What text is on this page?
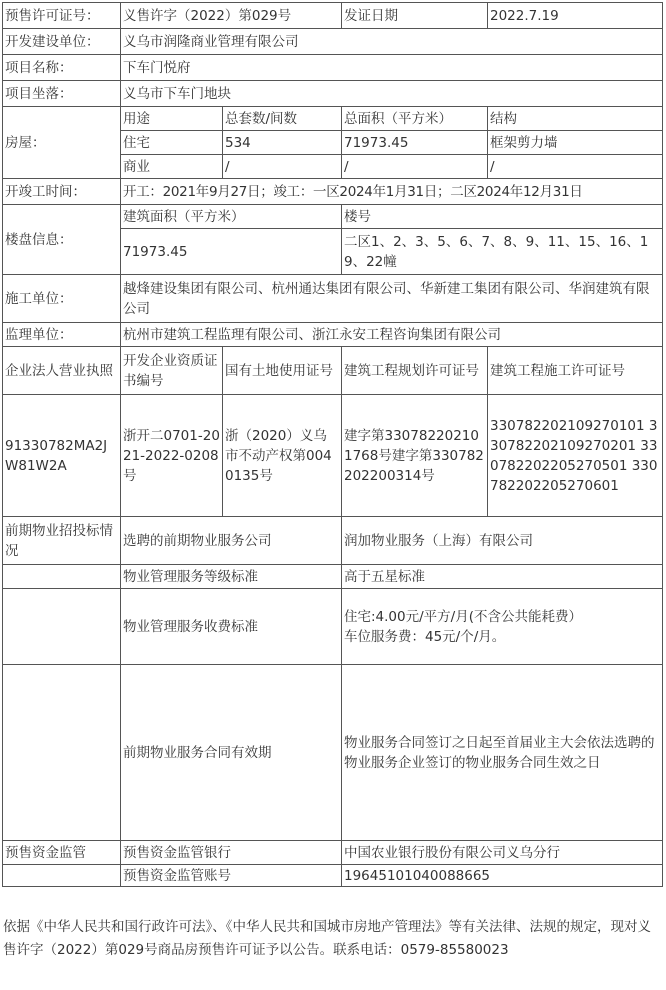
预售许可证号：	义售许字（2022）第029号		发证日期	2022.7.19
开发建设单位：	义乌市润隆商业管理有限公司			
项目名称：	下车门悦府			
项目坐落：	义乌市下车门地块			
房屋：	用途	总套数/间数	总面积（平方米）	结构
	住宅	534	71973.45	框架剪力墙
	商业	/	/	/
开竣工时间：	开工：2021年9月27日；竣工：一区2024年1月31日；二区2024年12月31日			
楼盘信息：	建筑面积（平方米）		楼号	
	71973.45		二区1、2、3、5、6、7、8、9、11、15、16、19、22幢	
施工单位：	越烽建设集团有限公司、杭州通达集团有限公司、华新建工集团有限公司、华润建筑有限公司			
监理单位：	杭州市建筑工程监理有限公司、浙江永安工程咨询集团有限公司			
企业法人营业执照	开发企业资质证书编号	国有土地使用证号	建筑工程规划许可证号	建筑工程施工许可证号
91330782MA2JW81W2A	浙开二0701-2021-2022-0208号	浙（2020）义乌市不动产权第0040135号	建字第330782202101768号建字第330782202200314号	330782202109270101 330782202109270201 330782202205270501 330782202205270601
前期物业招投标情况	选聘的前期物业服务公司		润加物业服务（上海）有限公司	
	物业管理服务等级标准		高于五星标准	
	物业管理服务收费标准		住宅:4.00元/平方/月(不含公共能耗费）
车位服务费：45元/个/月。	

	前期物业服务合同有效期		物业服务合同签订之日起至首届业主大会依法选聘的物业服务企业签订的物业服务合同生效之日	
预售资金监管	预售资金监管银行		中国农业银行股份有限公司义乌分行	
	预售资金监管账号		19645101040088665	
依据《中华人民共和国行政许可法》、《中华人民共和国城市房地产管理法》等有关法律、法规的规定，现对义售许字（2022）第029号商品房预售许可证予以公告。联系电话：0579-85580023
